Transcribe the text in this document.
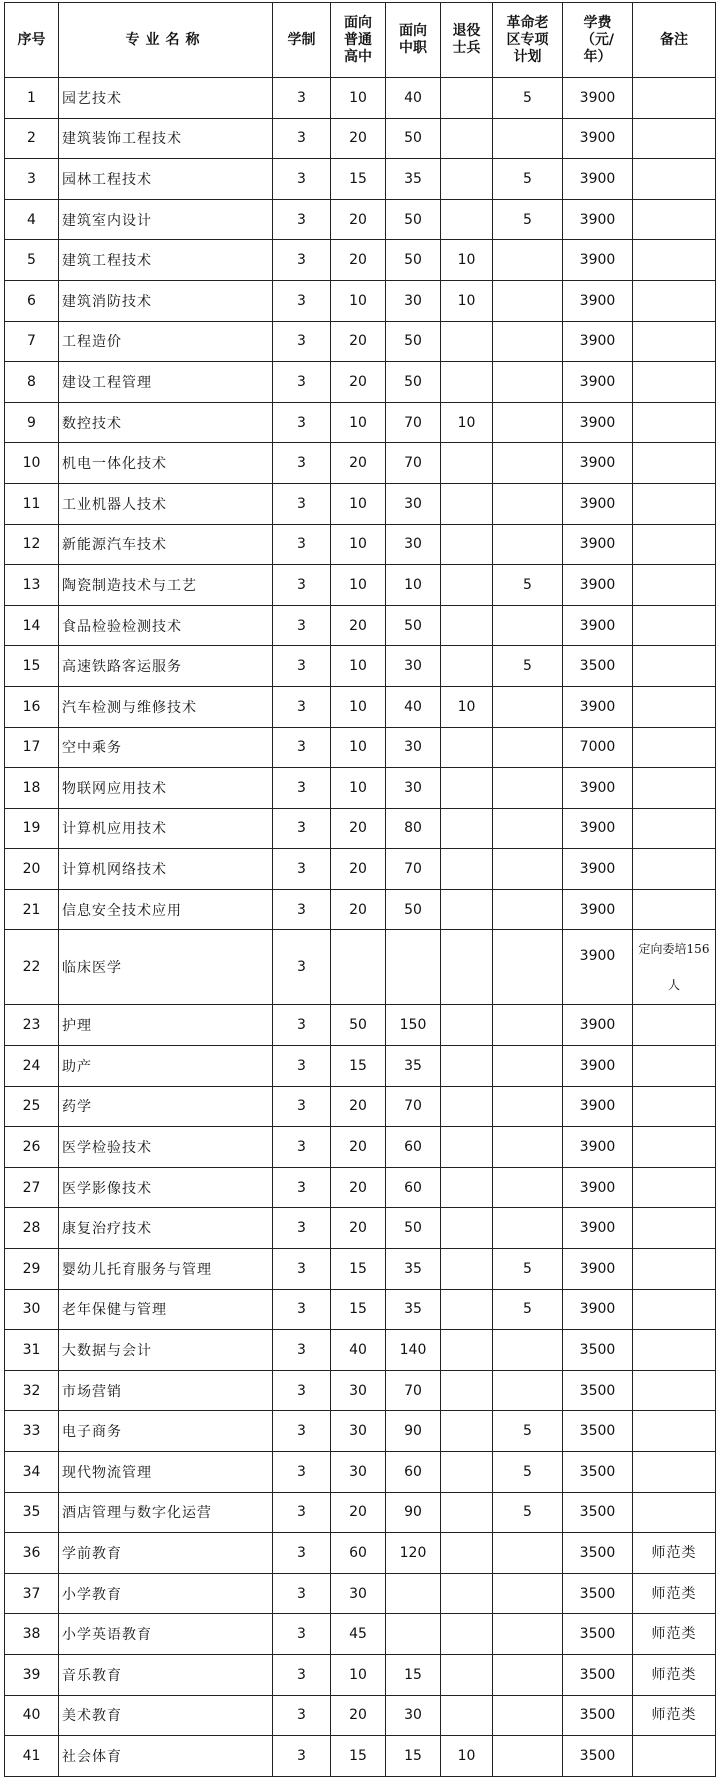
序号	专业名称	学制	面向普通高中	面向中职	退役士兵	革命老区专项计划	学费（元/年）	备注
1	园艺技术	3	10	40		5	3900	
2	建筑装饰工程技术	3	20	50			3900	
3	园林工程技术	3	15	35		5	3900	
4	建筑室内设计	3	20	50		5	3900	
5	建筑工程技术	3	20	50	10		3900	
6	建筑消防技术	3	10	30	10		3900	
7	工程造价	3	20	50			3900	
8	建设工程管理	3	20	50			3900	
9	数控技术	3	10	70	10		3900	
10	机电一体化技术	3	20	70			3900	
11	工业机器人技术	3	10	30			3900	
12	新能源汽车技术	3	10	30			3900	
13	陶瓷制造技术与工艺	3	10	10		5	3900	
14	食品检验检测技术	3	20	50			3900	
15	高速铁路客运服务	3	10	30		5	3500	
16	汽车检测与维修技术	3	10	40	10		3900	
17	空中乘务	3	10	30			7000	
18	物联网应用技术	3	10	30			3900	
19	计算机应用技术	3	20	80			3900	
20	计算机网络技术	3	20	70			3900	
21	信息安全技术应用	3	20	50			3900	
22	临床医学	3					3900	定向委培156人
23	护理	3	50	150			3900	
24	助产	3	15	35			3900	
25	药学	3	20	70			3900	
26	医学检验技术	3	20	60			3900	
27	医学影像技术	3	20	60			3900	
28	康复治疗技术	3	20	50			3900	
29	婴幼儿托育服务与管理	3	15	35		5	3900	
30	老年保健与管理	3	15	35		5	3900	
31	大数据与会计	3	40	140			3500	
32	市场营销	3	30	70			3500	
33	电子商务	3	30	90		5	3500	
34	现代物流管理	3	30	60		5	3500	
35	酒店管理与数字化运营	3	20	90		5	3500	
36	学前教育	3	60	120			3500	师范类
37	小学教育	3	30				3500	师范类
38	小学英语教育	3	45				3500	师范类
39	音乐教育	3	10	15			3500	师范类
40	美术教育	3	20	30			3500	师范类
41	社会体育	3	15	15	10		3500	
